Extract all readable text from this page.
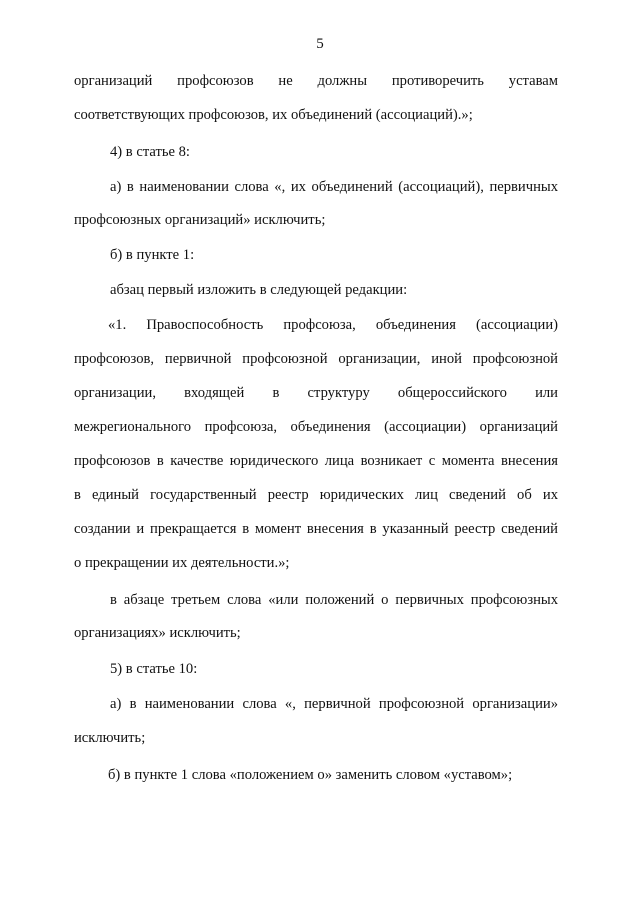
5
организаций профсоюзов не должны противоречить уставам
соответствующих профсоюзов, их объединений (ассоциаций).»;
4) в статье 8:
а) в наименовании слова «, их объединений (ассоциаций), первичных
профсоюзных организаций» исключить;
б) в пункте 1:
абзац первый изложить в следующей редакции:
«1. Правоспособность профсоюза, объединения (ассоциации)
профсоюзов, первичной профсоюзной организации, иной профсоюзной
организации, входящей в структуру общероссийского или
межрегионального профсоюза, объединения (ассоциации) организаций
профсоюзов в качестве юридического лица возникает с момента внесения
в единый государственный реестр юридических лиц сведений об их
создании и прекращается в момент внесения в указанный реестр сведений
о прекращении их деятельности.»;
в абзаце третьем слова «или положений о первичных профсоюзных
организациях» исключить;
5) в статье 10:
а) в наименовании слова «, первичной профсоюзной организации»
исключить;
б) в пункте 1 слова «положением о» заменить словом «уставом»;
